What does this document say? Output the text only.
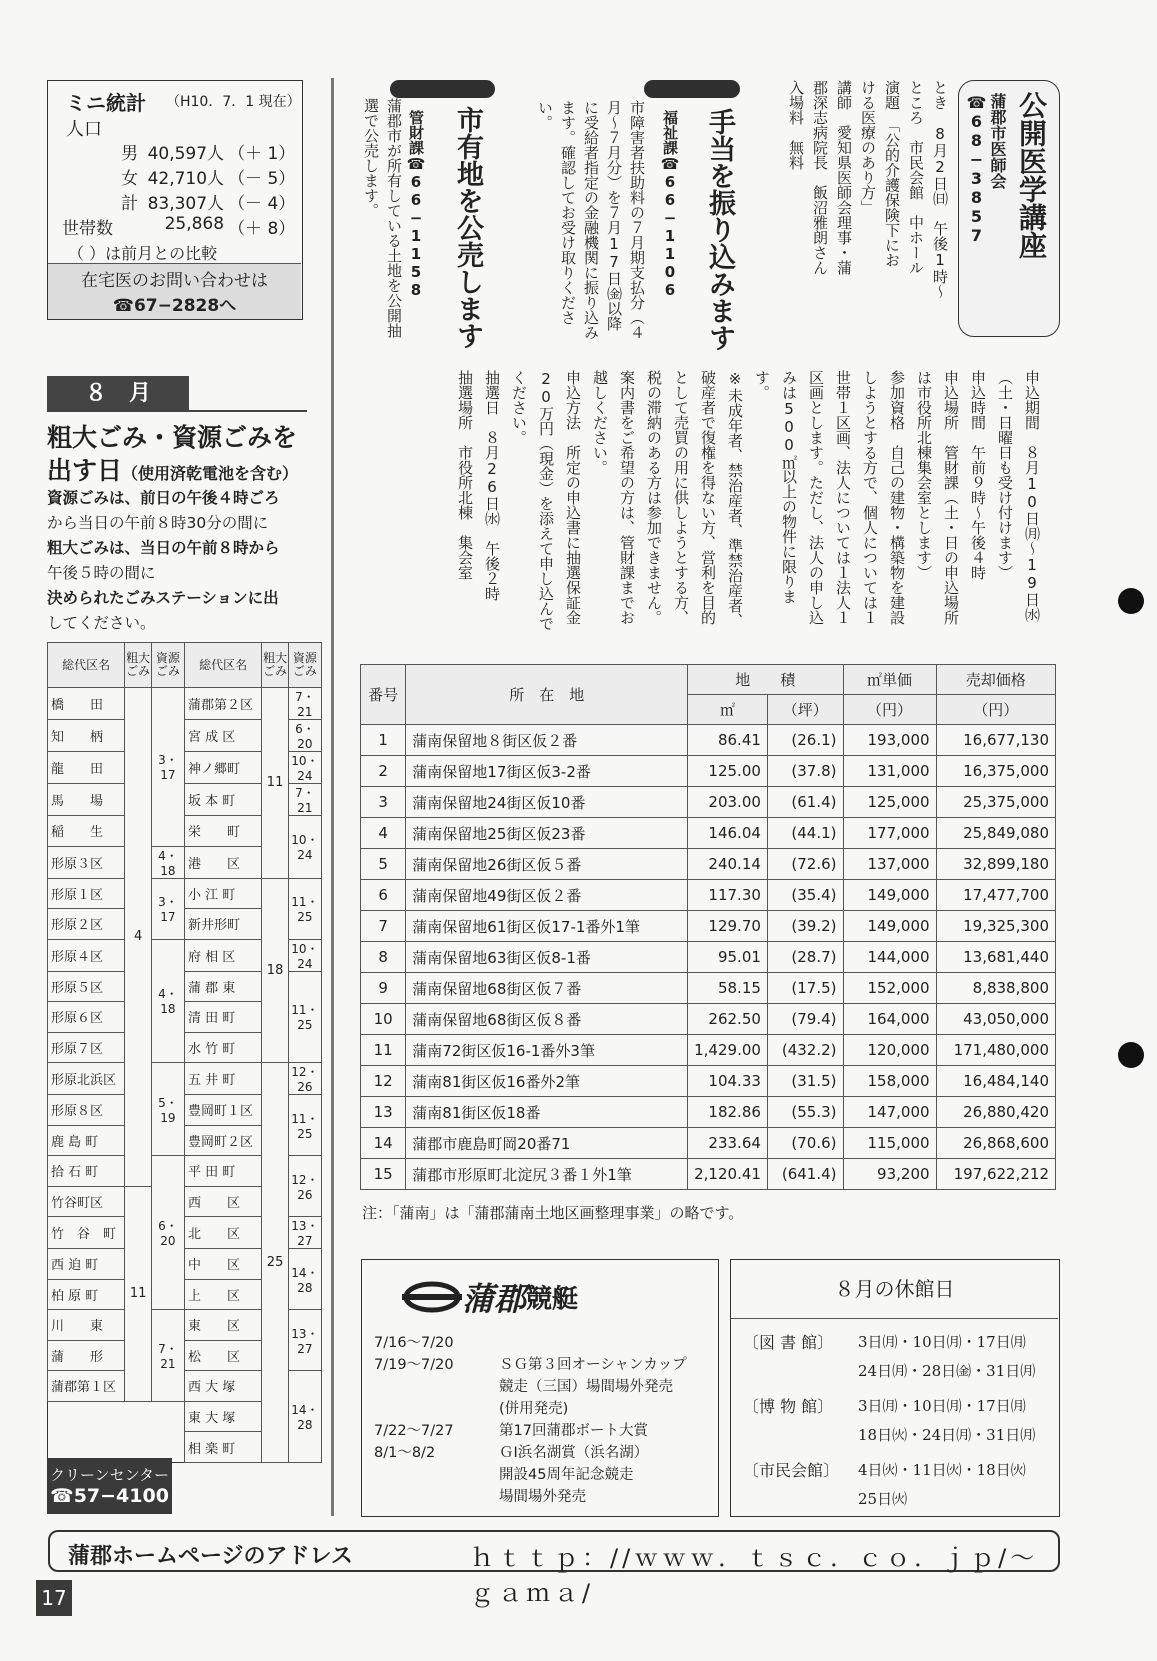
ミニ統計 （H10．7．1 現在）
人口
男 40,597人 （＋ 1）
女 42,710人 （－ 5）
計 83,307人 （－ 4）
世帯数	25,868 （＋ 8）
（ ）は前月との比較
在宅医のお問い合わせは
☎67−2828へ
８　月
粗大ごみ・資源ごみを
出す日（使用済乾電池を含む）
資源ごみは、前日の午後４時ごろ
から当日の午前８時30分の間に
粗大ごみは、当日の午前８時から
午後５時の間に
決められたごみステーションに出
してください。
総代区名	粗大ごみ	資源ごみ	総代区名	粗大ごみ	資源ごみ
橋　　田	4	3・17	蒲郡第２区	11	7・21
知　　柄			宮 成 区		6・20
龍　　田			神ノ郷町		10・24
馬　　場			坂 本 町		7・21
稲　　生			栄　　町		10・24
形原３区		4・18	港　　区		
形原１区		3・17	小 江 町	18	11・25
形原２区			新井形町		
形原４区		4・18	府 相 区		10・24
形原５区			蒲 郡 東		11・25
形原６区			清 田 町		
形原７区			水 竹 町		
形原北浜区		5・19	五 井 町	25	12・26
形原８区			豊岡町１区		11・25
鹿 島 町			豊岡町２区		
拾 石 町		6・20	平 田 町		12・26
竹谷町区	11		西　　区		
竹　谷　町			北　　区		13・27
西 迫 町			中　　区		14・28
柏 原 町			上　　区		
川　　東		7・21	東　　区		13・27
蒲　　形			松　　区		
蒲郡第１区			西 大 塚		14・28
			東 大 塚		
			相 楽 町		
クリーンセンター
☎57−4100
公開医学講座
蒲郡市医師会☎68−3857
とき　8月2日㈰　午後1時〜
ところ　市民会館　中ホール
演題　「公的介護保険下にお
ける医療のあり方」
講師　愛知県医師会理事・蒲
郡深志病院長　飯沼雅朗さん
入場料　無料
手当を振り込みます
福祉課☎66−1106
市障害者扶助料の７月期支払分（４月〜７月分）を７月17日㈮以降に受給者指定の金融機関に振り込みます。確認してお受け取りください。
市有地を公売します
管財課☎66−1158
蒲郡市が所有している土地を公開抽選で公売します。
申込期間　８月10日㈪〜19日㈬（土・日曜日も受け付けます）
申込時間　午前９時〜午後４時
申込場所　管財課（土・日の申込場所は市役所北棟集会室とします）
参加資格　自己の建物・構築物を建設しようとする方で、個人については１世帯１区画、法人については１法人１区画とします。ただし、法人の申し込みは500㎡以上の物件に限ります。
※未成年者、禁治産者、準禁治産者、破産者で復権を得ない方、営利を目的として売買の用に供しようとする方、税の滞納のある方は参加できません。案内書をご希望の方は、管財課までお越しください。
申込方法　所定の申込書に抽選保証金20万円（現金）を添えて申し込んでください。
抽選日　８月26日㈬　午後２時
抽選場所　市役所北棟　集会室
番号	所　在　地	地　　積		㎡単価	売却価格
		㎡	（坪）	（円）	（円）
1	蒲南保留地８街区仮２番	86.41	(26.1)	193,000	16,677,130
2	蒲南保留地17街区仮3-2番	125.00	(37.8)	131,000	16,375,000
3	蒲南保留地24街区仮10番	203.00	(61.4)	125,000	25,375,000
4	蒲南保留地25街区仮23番	146.04	(44.1)	177,000	25,849,080
5	蒲南保留地26街区仮５番	240.14	(72.6)	137,000	32,899,180
6	蒲南保留地49街区仮２番	117.30	(35.4)	149,000	17,477,700
7	蒲南保留地61街区仮17-1番外1筆	129.70	(39.2)	149,000	19,325,300
8	蒲南保留地63街区仮8-1番	95.01	(28.7)	144,000	13,681,440
9	蒲南保留地68街区仮７番	58.15	(17.5)	152,000	8,838,800
10	蒲南保留地68街区仮８番	262.50	(79.4)	164,000	43,050,000
11	蒲南72街区仮16-1番外3筆	1,429.00	(432.2)	120,000	171,480,000
12	蒲南81街区仮16番外2筆	104.33	(31.5)	158,000	16,484,140
13	蒲南81街区仮18番	182.86	(55.3)	147,000	26,880,420
14	蒲郡市鹿島町岡20番71	233.64	(70.6)	115,000	26,868,600
15	蒲郡市形原町北淀尻３番１外1筆	2,120.41	(641.4)	93,200	197,622,212
注：「蒲南」は「蒲郡蒲南土地区画整理事業」の略です。
蒲郡競艇
7/16〜7/20
7/19〜7/20	ＳＧ第３回オーシャンカップ
競走（三国）場間場外発売
(併用発売)
7/22〜7/27	第17回蒲郡ボート大賞
8/1〜8/2	ＧⅠ浜名湖賞（浜名湖）
開設45周年記念競走
場間場外発売
８月の休館日
〔図 書 館〕	3日㈪・10日㈪・17日㈪
24日㈪・28日㈮・31日㈪
〔博 物 館〕	3日㈪・10日㈪・17日㈪
18日㈫・24日㈪・31日㈪
〔市民会館〕	4日㈫・11日㈫・18日㈫
25日㈫
蒲郡ホームページのアドレス	ｈｔｔｐ：//ｗｗｗ．ｔｓｃ．ｃｏ．ｊｐ/〜ｇａｍａ/
17
